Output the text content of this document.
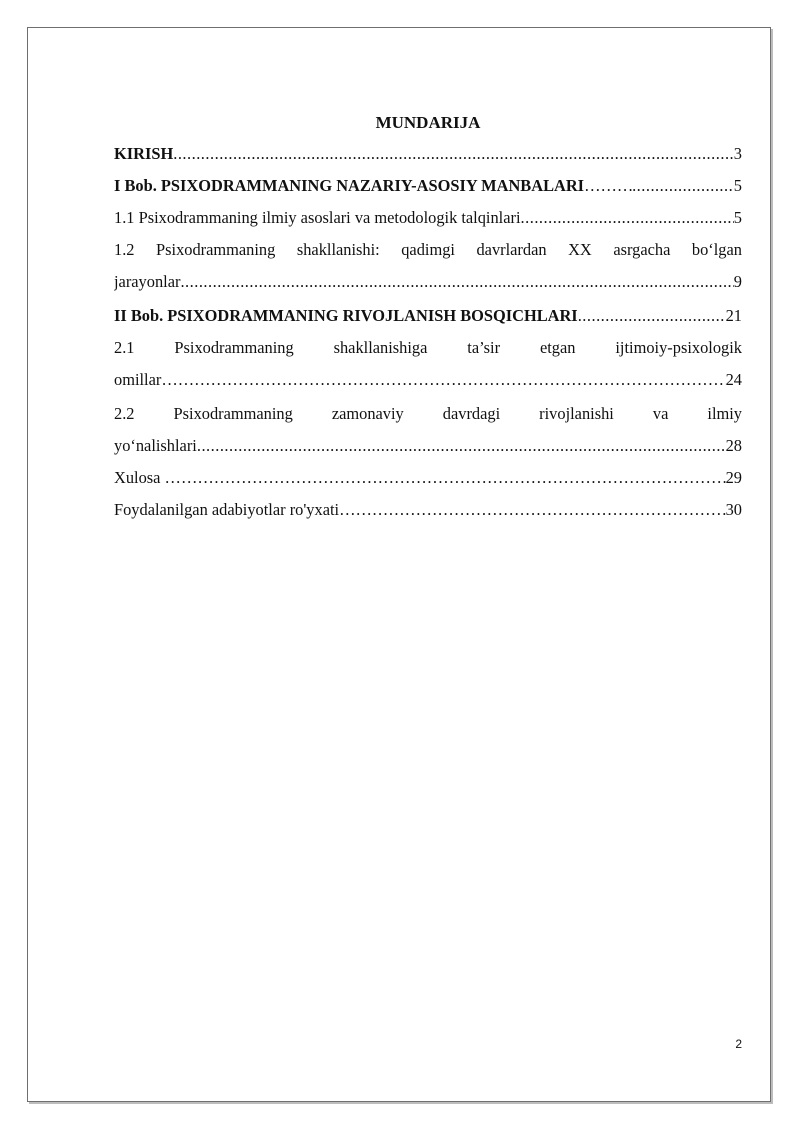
MUNDARIJA
KIRISH .....	3
I Bob. PSIXODRAMMANING NAZARIY-ASOSIY MANBALARI ………………………………………………………………………………………………………………………………………………………………… .....	5
1.1 Psixodrammaning ilmiy asoslari va metodologik talqinlari .....	5
1.2 Psixodrammaning shakllanishi: qadimgi davrlardan XX asrgacha bo‘lgan
jarayonlar .....	9
II Bob. PSIXODRAMMANING RIVOJLANISH BOSQICHLARI .....	21
2.1 Psixodrammaning shakllanishiga ta’sir etgan ijtimoiy-psixologik
omillar …………………………………………………………………………………………………………………………………………………………………	24
2.2 Psixodrammaning zamonaviy davrdagi rivojlanishi va ilmiy
yo‘nalishlari .....	28
Xulosa …………………………………………………………………………………………………………………………………………………………………	29
Foydalanilgan adabiyotlar ro'yxati …………………………………………………………………………………………………………………………………………………………………	30
2
